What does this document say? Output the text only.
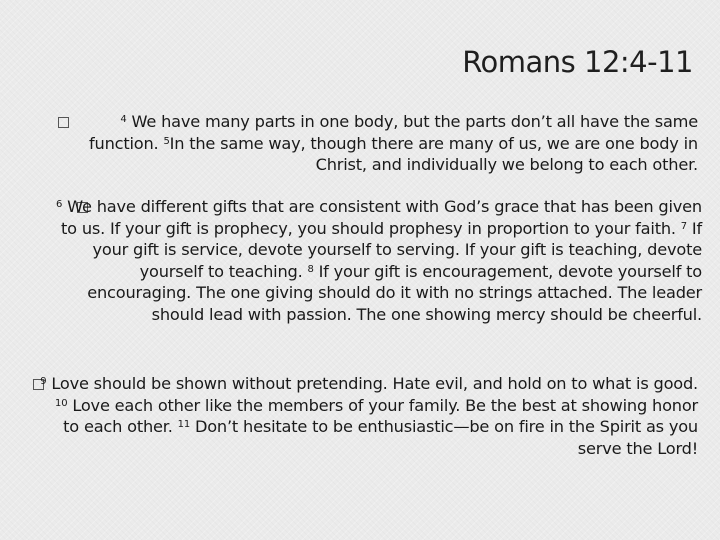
Romans 12:4-11
$^4$ We have many parts in one body, but the parts don’t all have the same function. $^5$In the same way, though there are many of us, we are one body in Christ, and individually we belong to each other.
$^6$ We have different gifts that are consistent with God’s grace that has been given to us. If your gift is prophecy, you should prophesy in proportion to your faith. $^7$ If your gift is service, devote yourself to serving. If your gift is teaching, devote yourself to teaching. $^8$ If your gift is encouragement, devote yourself to encouraging. The one giving should do it with no strings attached. The leader should lead with passion. The one showing mercy should be cheerful.
$^9$ Love should be shown without pretending. Hate evil, and hold on to what is good. $^{10}$ Love each other like the members of your family. Be the best at showing honor to each other. $^{11}$ Don’t hesitate to be enthusiastic—be on fire in the Spirit as you serve the Lord!
